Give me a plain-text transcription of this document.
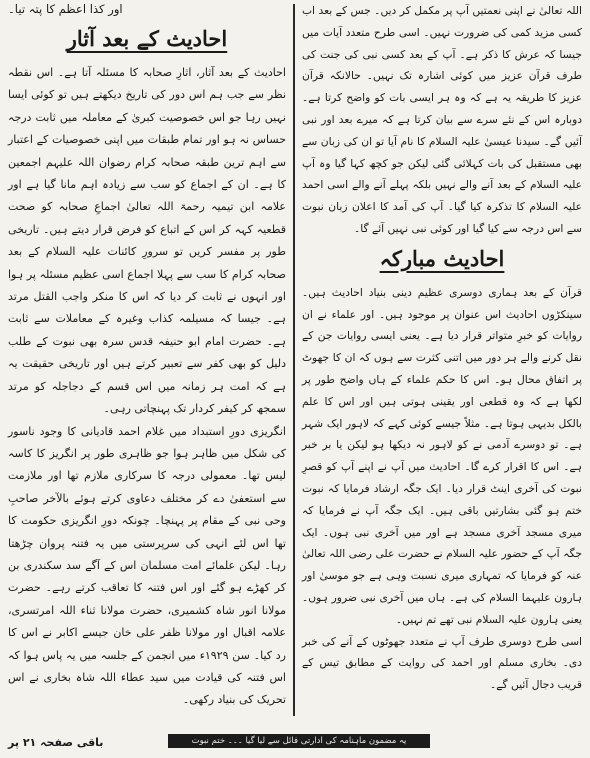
اور کذا اعظم کا پتہ تیا۔
احادیث کے بعد آثار

احادیث کے بعد آثار، اثارِ صحابہ کا مسئلہ آتا ہے۔ اس نقطہ نظر سے جب ہم اس دور کی تاریخ دیکھتے ہیں تو کوئی ایسا نہیں رہا جو اس خصوصیت کبریٰ کے معاملہ میں ثابت درجہ حساس نہ ہو اور تمام طبقات میں اپنی خصوصیات کے اعتبار سے اہم ترین طبقہ صحابہ کرام رضوان اللہ علیہم اجمعین کا ہے۔ ان کے اجماع کو سب سے زیادہ اہم مانا گیا ہے اور علامہ ابن تیمیہ رحمۃ اللہ تعالیٰ اجماعِ صحابہ کو صحت قطعیہ کہہ کر اس کے اتباع کو فرض قرار دیتے ہیں۔ تاریخی طور پر مفسر کریں تو سرورِ کائنات علیہ السلام کے بعد صحابہ کرام کا سب سے پہلا اجماع اسی عظیم مسئلہ پر ہوا اور انہوں نے ثابت کر دیا کہ اس کا منکر واجب القتل مرتد ہے۔ جیسا کہ مسیلمہ کذاب وغیرہ کے معاملات سے ثابت ہے۔ حضرت امام ابو حنیفہ قدس سرہ بھی نبوت کے طلب دلیل کو بھی کفر سے تعبیر کرتے ہیں اور تاریخی حقیقت یہ ہے کہ امت ہر زمانہ میں اس قسم کے دجاجلہ کو مرتد سمجھ کر کیفر کردار تک پہنچاتی رہی۔

انگریزی دورِ استبداد میں غلام احمد قادیانی کا وجود ناسور کی شکل میں ظاہر ہوا جو ظاہری طور پر انگریز کا کاسہ لیس تھا۔ معمولی درجہ کا سرکاری ملازم تھا اور ملازمت سے استعفیٰ دے کر مختلف دعاوی کرتے ہوئے بالآخر صاحبِ وحی نبی کے مقام پر پہنچا۔ چونکہ دورِ انگریزی حکومت کا تھا اس لئے انہی کی سرپرستی میں یہ فتنہ پروان چڑھتا رہا۔ لیکن علمائے امت مسلمان اس کے آگے سد سکندری بن کر کھڑے ہو گئے اور اس فتنہ کا تعاقب کرتے رہے۔ حضرت مولانا انور شاہ کشمیری، حضرت مولانا ثناء اللہ امرتسری، علامہ اقبال اور مولانا ظفر علی خان جیسے اکابر نے اس کا رد کیا۔ سن ۱۹۲۹ء میں انجمن کے جلسہ میں یہ پاس ہوا کہ اس فتنہ کی قیادت میں سید عطاء اللہ شاہ بخاری نے اس تحریک کی بنیاد رکھی۔

اللہ تعالیٰ نے اپنی نعمتیں آپ پر مکمل کر دیں۔ جس کے بعد اب کسی مزید کمی کی ضرورت نہیں۔ اسی طرح متعدد آیات میں جیسا کہ عرش کا ذکر ہے۔ آپ کے بعد کسی نبی کی جنت کی طرف قرآن عزیز میں کوئی اشارہ تک نہیں۔ حالانکہ قرآن عزیز کا طریقہ یہ ہے کہ وہ ہر ایسی بات کو واضح کرتا ہے۔ دوبارہ اس کے نئے سرے سے بیان کرتا ہے کہ میرے بعد اور نبی آئیں گے۔ سیدنا عیسیٰ علیہ السلام کا نام آیا تو ان کی زبان سے بھی مستقبل کی بات کہلائی گئی لیکن جو کچھ کہا گیا وہ آپ علیہ السلام کے بعد آنے والے نہیں بلکہ پہلے آنے والے اسی احمد علیہ السلام کا تذکرہ کیا گیا۔ آپ کی آمد کا اعلان زبان نبوت سے اس درجہ سے کیا گیا اور کوئی نبی نہیں آئے گا۔

احادیث مبارکہ

قرآن کے بعد ہماری دوسری عظیم دینی بنیاد احادیث ہیں۔ سینکڑوں احادیث اس عنوان پر موجود ہیں۔ اور علماء نے ان روایات کو خبرِ متواتر قرار دیا ہے۔ یعنی ایسی روایات جن کے نقل کرنے والے ہر دور میں اتنی کثرت سے ہوں کہ ان کا جھوٹ پر اتفاق محال ہو۔ اس کا حکم علماء کے ہاں واضح طور پر لکھا ہے کہ وہ قطعی اور یقینی ہوتی ہیں اور اس کا علم بالکل بدیہی ہوتا ہے۔ مثلاً جیسے کوئی کہے کہ لاہور ایک شہر ہے۔ تو دوسرے آدمی نے کو لاہور نہ دیکھا ہو لیکن یا بر خبر ہے۔ اس کا اقرار کرے گا۔ احادیث میں آپ نے اپنے آپ کو قصرِ نبوت کی آخری اینٹ قرار دیا۔ ایک جگہ ارشاد فرمایا کہ نبوت ختم ہو گئی بشارتیں باقی ہیں۔ ایک جگہ آپ نے فرمایا کہ میری مسجد آخری مسجد ہے اور میں آخری نبی ہوں۔ ایک جگہ آپ کے حضور علیہ السلام نے حضرت علی رضی اللہ تعالیٰ عنہ کو فرمایا کہ تمہاری میری نسبت وہی ہے جو موسیٰ اور ہارون علیہما السلام کی ہے۔ ہاں میں آخری نبی ضرور ہوں۔ یعنی ہارون علیہ السلام نبی تھے تم نہیں۔

اسی طرح دوسری طرف آپ نے متعدد جھوٹوں کے آنے کی خبر دی۔ بخاری مسلم اور احمد کی روایت کے مطابق تیس کے قریب دجال آئیں گے۔

یہ مضمون ماہنامہ کی ادارتی فائل سے لیا گیا ۔۔۔ ختم نبوت
باقی صفحہ ۲۱ پر
